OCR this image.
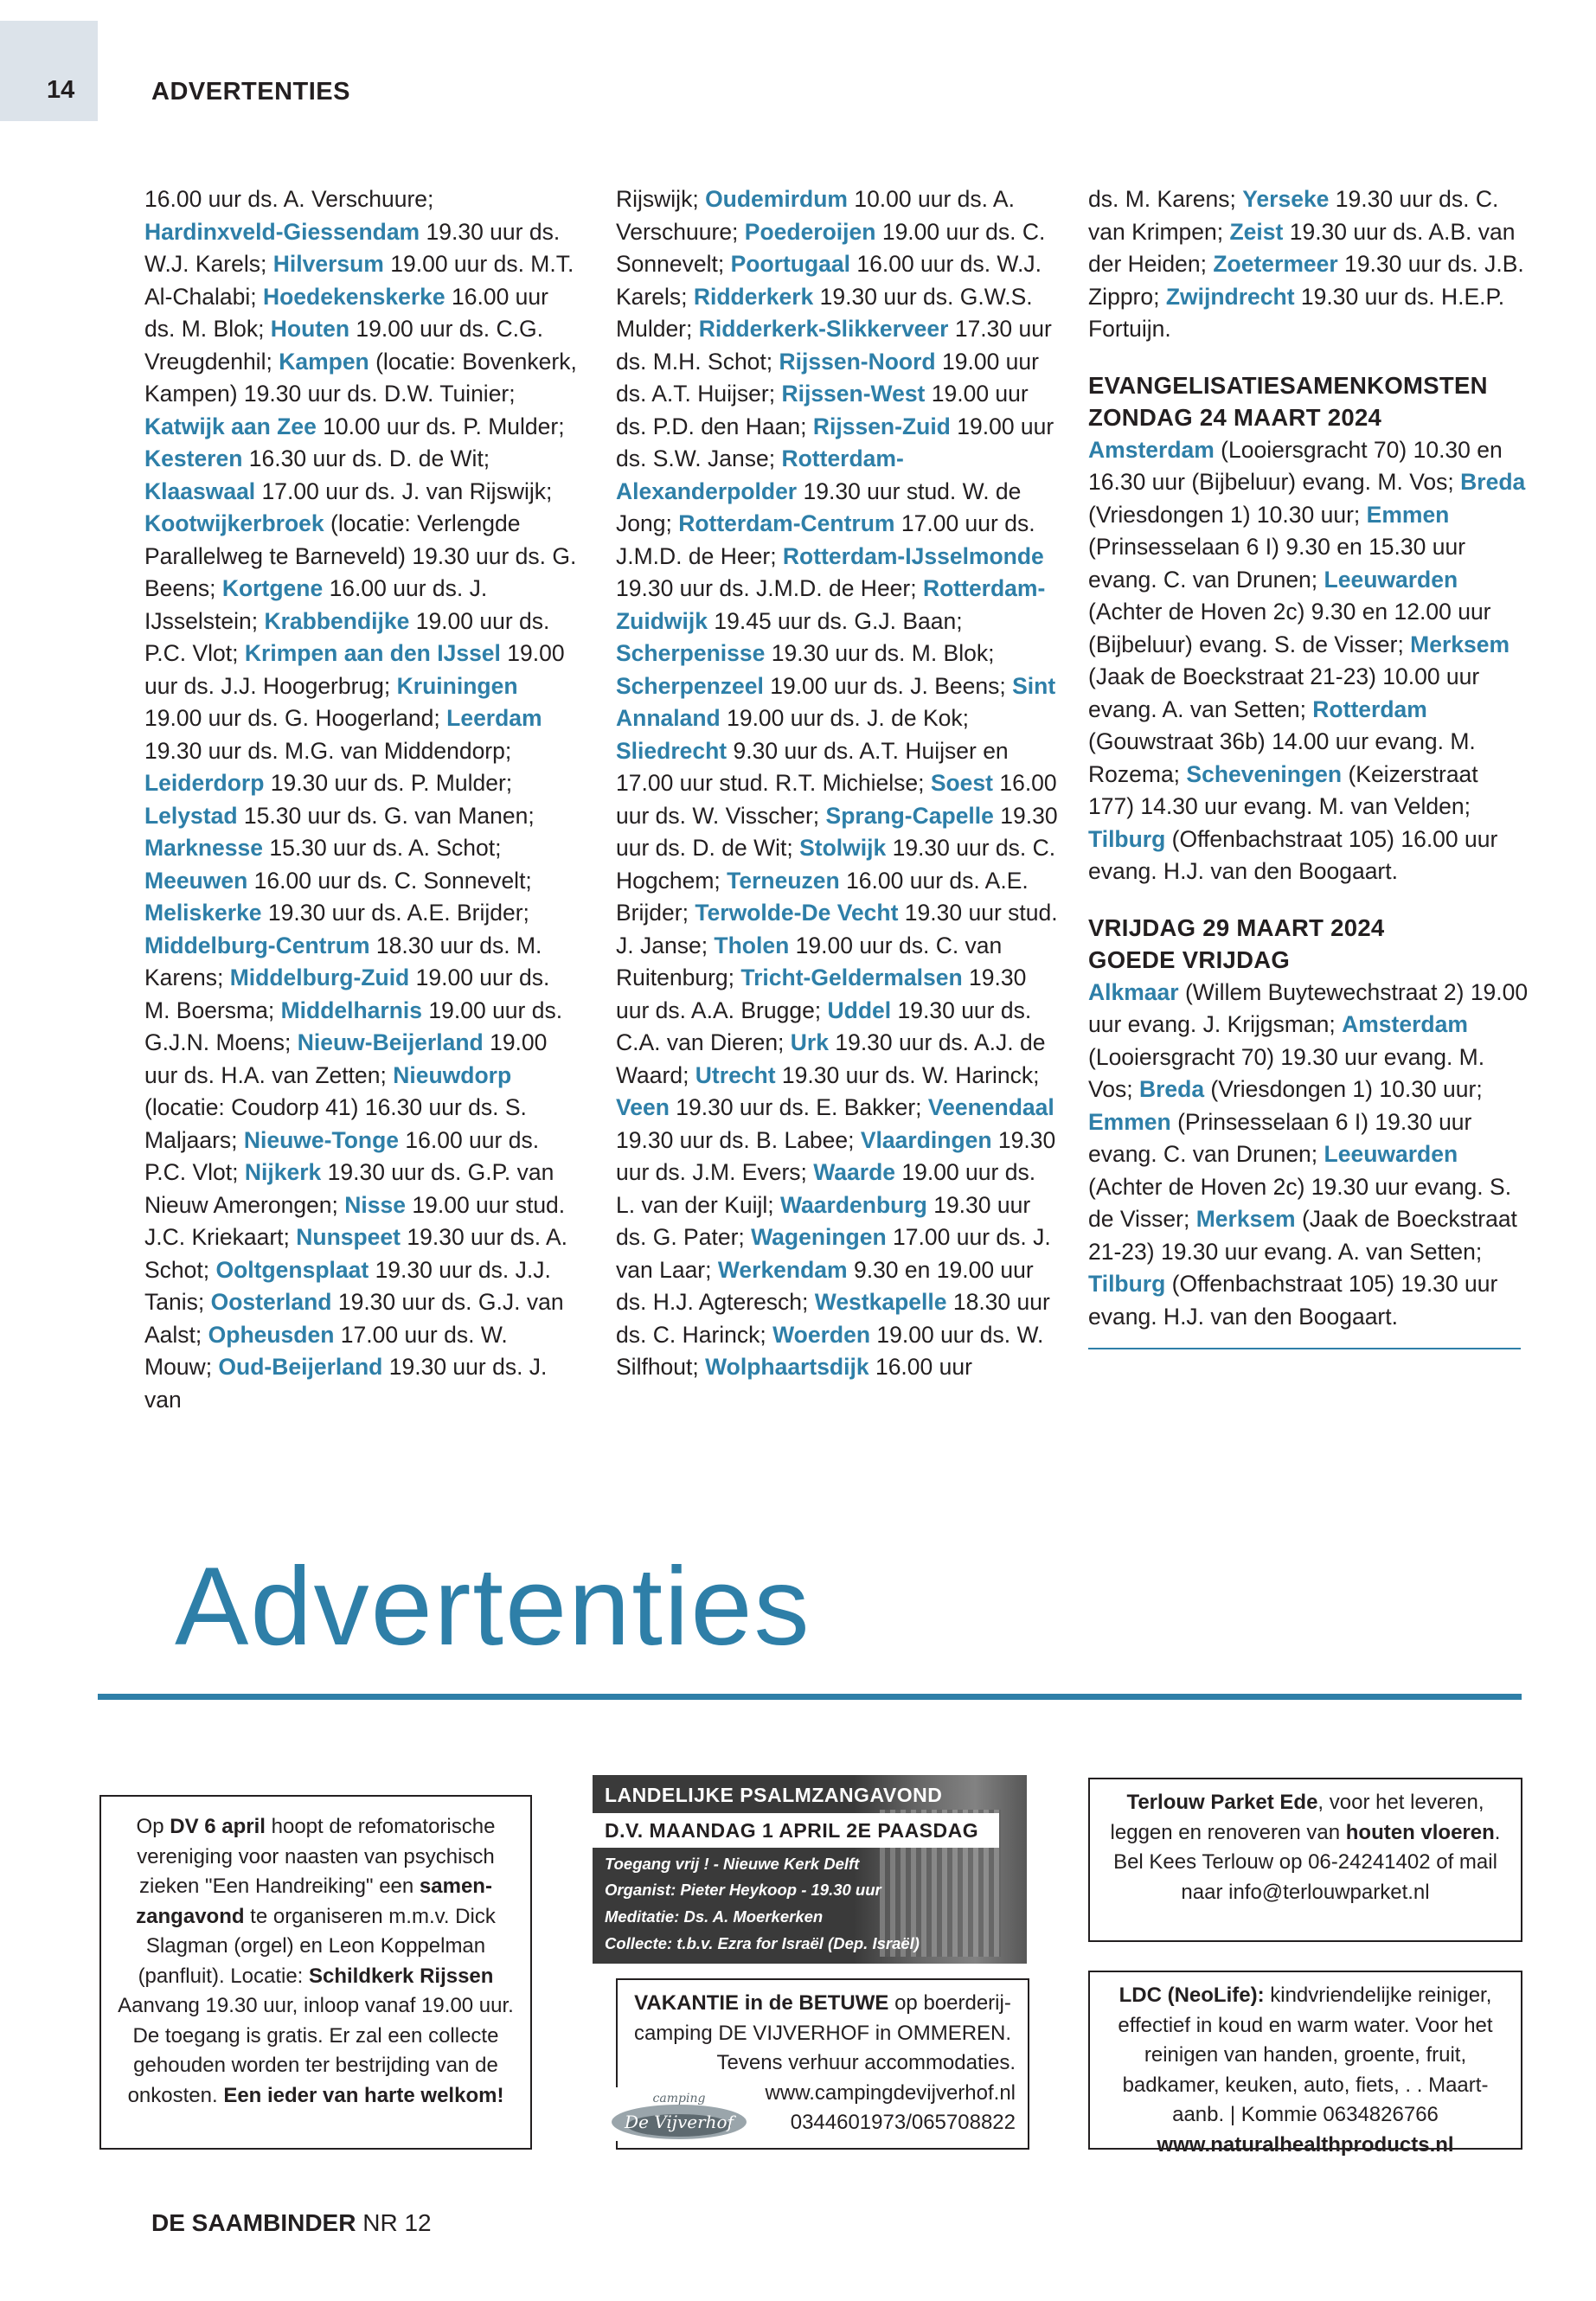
14	ADVERTENTIES
16.00 uur ds. A. Verschuure; Hardinxveld-Giessendam 19.30 uur ds. W.J. Karels; Hilversum 19.00 uur ds. M.T. Al-Chalabi; Hoedekenskerke 16.00 uur ds. M. Blok; Houten 19.00 uur ds. C.G. Vreugdenhil; Kampen (locatie: Bovenkerk, Kampen) 19.30 uur ds. D.W. Tuinier; Katwijk aan Zee 10.00 uur ds. P. Mulder; Kesteren 16.30 uur ds. D. de Wit; Klaaswaal 17.00 uur ds. J. van Rijswijk; Kootwijkerbroek (locatie: Verlengde Parallelweg te Barneveld) 19.30 uur ds. G. Beens; Kortgene 16.00 uur ds. J. IJsselstein; Krabbendijke 19.00 uur ds. P.C. Vlot; Krimpen aan den IJssel 19.00 uur ds. J.J. Hoogerbrug; Kruiningen 19.00 uur ds. G. Hoogerland; Leerdam 19.30 uur ds. M.G. van Middendorp; Leiderdorp 19.30 uur ds. P. Mulder; Lelystad 15.30 uur ds. G. van Manen; Marknesse 15.30 uur ds. A. Schot; Meeuwen 16.00 uur ds. C. Sonnevelt; Meliskerke 19.30 uur ds. A.E. Brijder; Middelburg-Centrum 18.30 uur ds. M. Karens; Middelburg-Zuid 19.00 uur ds. M. Boersma; Middelharnis 19.00 uur ds. G.J.N. Moens; Nieuw-Beijerland 19.00 uur ds. H.A. van Zetten; Nieuwdorp (locatie: Coudorp 41) 16.30 uur ds. S. Maljaars; Nieuwe-Tonge 16.00 uur ds. P.C. Vlot; Nijkerk 19.30 uur ds. G.P. van Nieuw Amerongen; Nisse 19.00 uur stud. J.C. Kriekaart; Nunspeet 19.30 uur ds. A. Schot; Ooltgensplaat 19.30 uur ds. J.J. Tanis; Oosterland 19.30 uur ds. G.J. van Aalst; Opheusden 17.00 uur ds. W. Mouw; Oud-Beijerland 19.30 uur ds. J. van
Rijswijk; Oudemirdum 10.00 uur ds. A. Verschuure; Poederoijen 19.00 uur ds. C. Sonnevelt; Poortugaal 16.00 uur ds. W.J. Karels; Ridderkerk 19.30 uur ds. G.W.S. Mulder; Ridderkerk-Slikkerveer 17.30 uur ds. M.H. Schot; Rijssen-Noord 19.00 uur ds. A.T. Huijser; Rijssen-West 19.00 uur ds. P.D. den Haan; Rijssen-Zuid 19.00 uur ds. S.W. Janse; Rotterdam-Alexanderpolder 19.30 uur stud. W. de Jong; Rotterdam-Centrum 17.00 uur ds. J.M.D. de Heer; Rotterdam-IJsselmonde 19.30 uur ds. J.M.D. de Heer; Rotterdam-Zuidwijk 19.45 uur ds. G.J. Baan; Scherpenisse 19.30 uur ds. M. Blok; Scherpenzeel 19.00 uur ds. J. Beens; Sint Annaland 19.00 uur ds. J. de Kok; Sliedrecht 9.30 uur ds. A.T. Huijser en 17.00 uur stud. R.T. Michielse; Soest 16.00 uur ds. W. Visscher; Sprang-Capelle 19.30 uur ds. D. de Wit; Stolwijk 19.30 uur ds. C. Hogchem; Terneuzen 16.00 uur ds. A.E. Brijder; Terwolde-De Vecht 19.30 uur stud. J. Janse; Tholen 19.00 uur ds. C. van Ruitenburg; Tricht-Geldermalsen 19.30 uur ds. A.A. Brugge; Uddel 19.30 uur ds. C.A. van Dieren; Urk 19.30 uur ds. A.J. de Waard; Utrecht 19.30 uur ds. W. Harinck; Veen 19.30 uur ds. E. Bakker; Veenendaal 19.30 uur ds. B. Labee; Vlaardingen 19.30 uur ds. J.M. Evers; Waarde 19.00 uur ds. L. van der Kuijl; Waardenburg 19.30 uur ds. G. Pater; Wageningen 17.00 uur ds. J. van Laar; Werkendam 9.30 en 19.00 uur ds. H.J. Agteresch; Westkapelle 18.30 uur ds. C. Harinck; Woerden 19.00 uur ds. W. Silfhout; Wolphaartsdijk 16.00 uur
ds. M. Karens; Yerseke 19.30 uur ds. C. van Krimpen; Zeist 19.30 uur ds. A.B. van der Heiden; Zoetermeer 19.30 uur ds. J.B. Zippro; Zwijndrecht 19.30 uur ds. H.E.P. Fortuijn.
EVANGELISATIESAMENKOMSTEN
ZONDAG 24 MAART 2024
Amsterdam (Looiersgracht 70) 10.30 en 16.30 uur (Bijbeluur) evang. M. Vos; Breda (Vriesdongen 1) 10.30 uur; Emmen (Prinsesselaan 6 I) 9.30 en 15.30 uur evang. C. van Drunen; Leeuwarden (Achter de Hoven 2c) 9.30 en 12.00 uur (Bijbeluur) evang. S. de Visser; Merksem (Jaak de Boeckstraat 21-23) 10.00 uur evang. A. van Setten; Rotterdam (Gouwstraat 36b) 14.00 uur evang. M. Rozema; Scheveningen (Keizerstraat 177) 14.30 uur evang. M. van Velden; Tilburg (Offenbachstraat 105) 16.00 uur evang. H.J. van den Boogaart.
VRIJDAG 29 MAART 2024
GOEDE VRIJDAG
Alkmaar (Willem Buytewechstraat 2) 19.00 uur evang. J. Krijgsman; Amsterdam (Looiersgracht 70) 19.30 uur evang. M. Vos; Breda (Vriesdongen 1) 10.30 uur; Emmen (Prinsesselaan 6 I) 19.30 uur evang. C. van Drunen; Leeuwarden (Achter de Hoven 2c) 19.30 uur evang. S. de Visser; Merksem (Jaak de Boeckstraat 21-23) 19.30 uur evang. A. van Setten; Tilburg (Offenbachstraat 105) 19.30 uur evang. H.J. van den Boogaart.
Advertenties
Op DV 6 april hoopt de refomatorische vereniging voor naasten van psychisch zieken "Een Handreiking" een samen-zangavond te organiseren m.m.v. Dick Slagman (orgel) en Leon Koppelman (panfluit). Locatie: Schildkerk Rijssen Aanvang 19.30 uur, inloop vanaf 19.00 uur. De toegang is gratis. Er zal een collecte gehouden worden ter bestrijding van de onkosten. Een ieder van harte welkom!
LANDELIJKE PSALMZANGAVOND
D.V. MAANDAG 1 APRIL 2E PAASDAG
Toegang vrij ! - Nieuwe Kerk Delft
Organist: Pieter Heykoop - 19.30 uur
Meditatie: Ds. A. Moerkerken
Collecte: t.b.v. Ezra for Israël (Dep. Israël)
VAKANTIE in de BETUWE op boerderij-camping DE VIJVERHOF in OMMEREN.
Tevens verhuur accommodaties.
www.campingdevijverhof.nl
0344601973/065708822
camping
De Vijverhof
Terlouw Parket Ede, voor het leveren, leggen en renoveren van houten vloeren. Bel Kees Terlouw op 06-24241402 of mail naar info@terlouwparket.nl
LDC (NeoLife): kindvriendelijke reiniger, effectief in koud en warm water. Voor het reinigen van handen, groente, fruit, badkamer, keuken, auto, fiets, . . Maart-aanb. | Kommie 0634826766 www.naturalhealthproducts.nl
DE SAAMBINDER NR 12
